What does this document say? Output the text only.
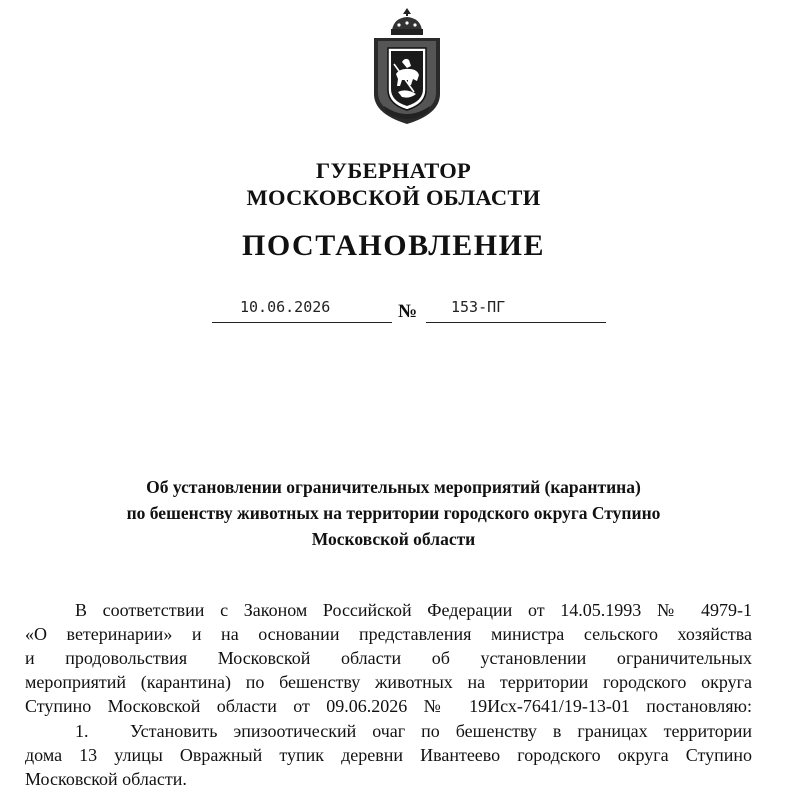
ГУБЕРНАТОР
МОСКОВСКОЙ ОБЛАСТИ
ПОСТАНОВЛЕНИЕ
10.06.2026	№ 153-ПГ
Об установлении ограничительных мероприятий (карантина)
по бешенству животных на территории городского округа Ступино
Московской области
В соответствии с Законом Российской Федерации от 14.05.1993 № 4979-1
«О ветеринарии» и на основании представления министра сельского хозяйства
и продовольствия Московской области об установлении ограничительных
мероприятий (карантина) по бешенству животных на территории городского округа
Ступино Московской области от 09.06.2026 № 19Исх-7641/19-13-01 постановляю:
1. Установить эпизоотический очаг по бешенству в границах территории
дома 13 улицы Овражный тупик деревни Ивантеево городского округа Ступино
Московской области.
